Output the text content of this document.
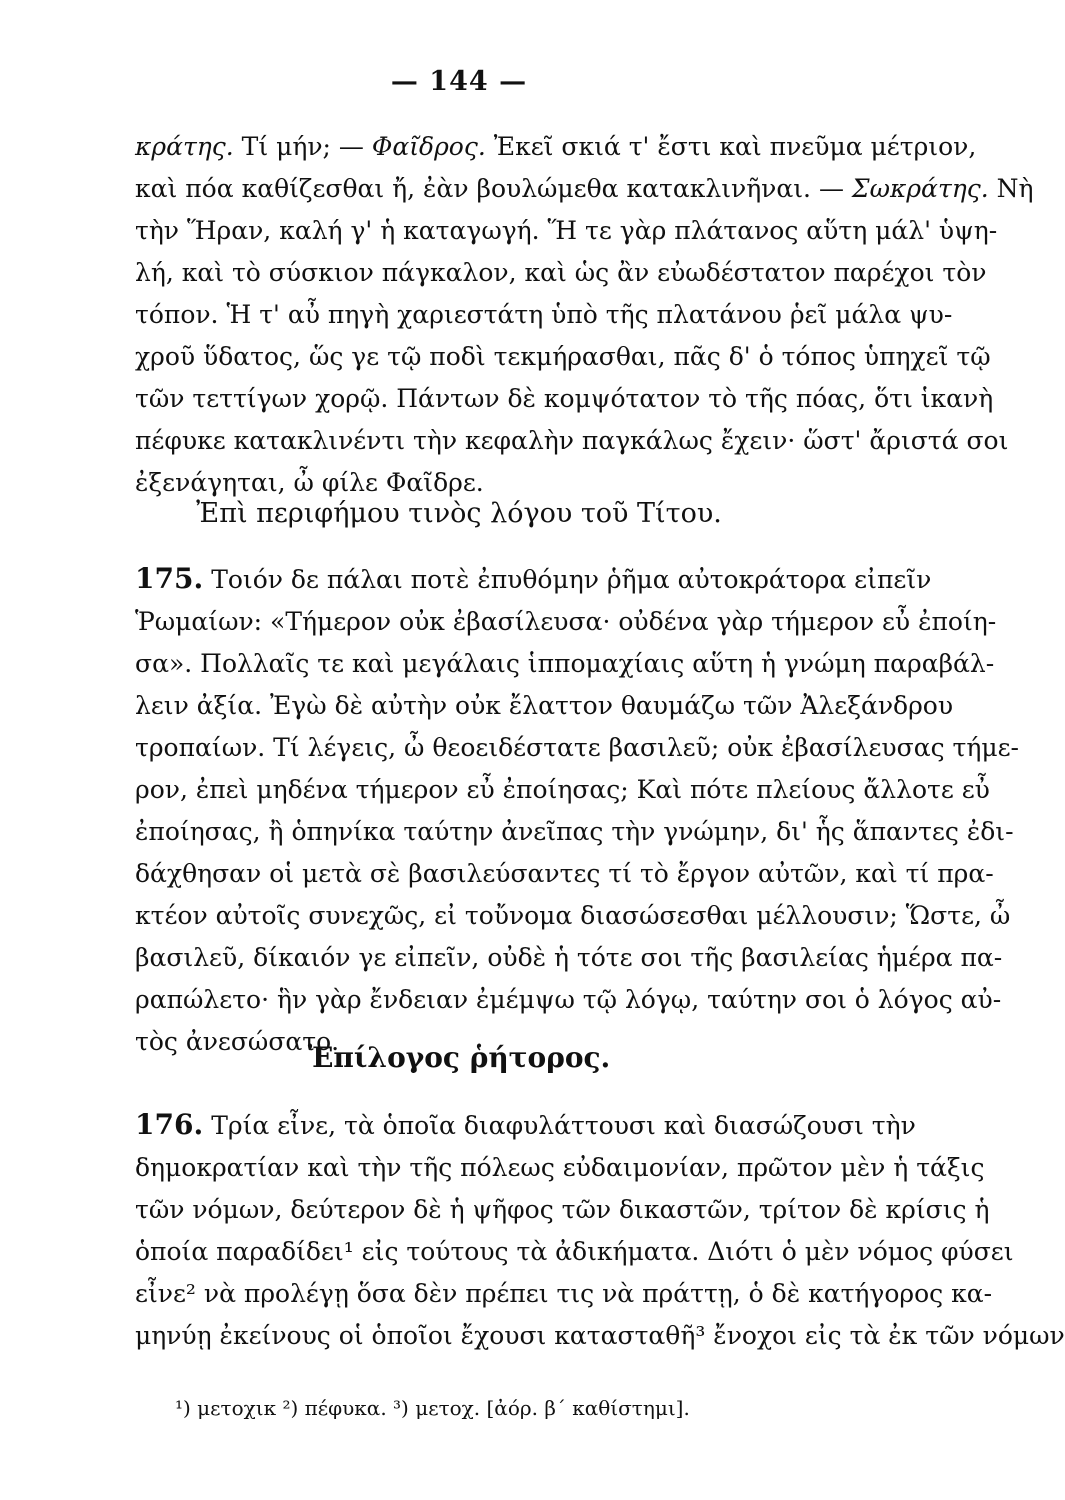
— 144 —
κράτης. Τί μήν; — Φαῖδρος. Ἐκεῖ σκιά τ' ἔστι καὶ πνεῦμα μέτριον,
καὶ πόα καθίζεσθαι ἤ, ἐὰν βουλώμεθα κατακλινῆναι. — Σωκράτης. Νὴ
τὴν Ἥραν, καλή γ' ἡ καταγωγή. Ἥ τε γὰρ πλάτανος αὕτη μάλ' ὑψη-
λή, καὶ τὸ σύσκιον πάγκαλον, καὶ ὡς ἂν εὐωδέστατον παρέχοι τὸν
τόπον. Ἡ τ' αὖ πηγὴ χαριεστάτη ὑπὸ τῆς πλατάνου ῥεῖ μάλα ψυ-
χροῦ ὕδατος, ὥς γε τῷ ποδὶ τεκμήρασθαι, πᾶς δ' ὁ τόπος ὑπηχεῖ τῷ
τῶν τεττίγων χορῷ. Πάντων δὲ κομψότατον τὸ τῆς πόας, ὅτι ἱκανὴ
πέφυκε κατακλινέντι τὴν κεφαλὴν παγκάλως ἔχειν· ὥστ' ἄριστά σοι
ἐξενάγηται, ὦ φίλε Φαῖδρε.
Ἐπὶ περιφήμου τινὸς λόγου τοῦ Τίτου.
175. Τοιόν δε πάλαι ποτὲ ἐπυθόμην ῥῆμα αὐτοκράτορα εἰπεῖν
Ῥωμαίων: «Τήμερον οὐκ ἐβασίλευσα· οὐδένα γὰρ τήμερον εὖ ἐποίη-
σα». Πολλαῖς τε καὶ μεγάλαις ἱππομαχίαις αὕτη ἡ γνώμη παραβάλ-
λειν ἀξία. Ἐγὼ δὲ αὐτὴν οὐκ ἔλαττον θαυμάζω τῶν Ἀλεξάνδρου
τροπαίων. Τί λέγεις, ὦ θεοειδέστατε βασιλεῦ; οὐκ ἐβασίλευσας τήμε-
ρον, ἐπεὶ μηδένα τήμερον εὖ ἐποίησας; Καὶ πότε πλείους ἄλλοτε εὖ
ἐποίησας, ἢ ὁπηνίκα ταύτην ἀνεῖπας τὴν γνώμην, δι' ἧς ἅπαντες ἐδι-
δάχθησαν οἱ μετὰ σὲ βασιλεύσαντες τί τὸ ἔργον αὐτῶν, καὶ τί πρα-
κτέον αὐτοῖς συνεχῶς, εἰ τοὔνομα διασώσεσθαι μέλλουσιν; Ὥστε, ὦ
βασιλεῦ, δίκαιόν γε εἰπεῖν, οὐδὲ ἡ τότε σοι τῆς βασιλείας ἡμέρα πα-
ραπώλετο· ἣν γὰρ ἔνδειαν ἐμέμψω τῷ λόγῳ, ταύτην σοι ὁ λόγος αὐ-
τὸς ἀνεσώσατο.
Ἐπίλογος ῥήτορος.
176. Τρία εἶνε, τὰ ὁποῖα διαφυλάττουσι καὶ διασώζουσι τὴν
δημοκρατίαν καὶ τὴν τῆς πόλεως εὐδαιμονίαν, πρῶτον μὲν ἡ τάξις
τῶν νόμων, δεύτερον δὲ ἡ ψῆφος τῶν δικαστῶν, τρίτον δὲ κρίσις ἡ
ὁποία παραδίδει¹ εἰς τούτους τὰ ἀδικήματα. Διότι ὁ μὲν νόμος φύσει
εἶνε² νὰ προλέγῃ ὅσα δὲν πρέπει τις νὰ πράττῃ, ὁ δὲ κατήγορος κα-
μηνύῃ ἐκείνους οἱ ὁποῖοι ἔχουσι κατασταθῆ³ ἔνοχοι εἰς τὰ ἐκ τῶν νόμων
¹) μετοχικ ²) πέφυκα. ³) μετοχ. [ἀόρ. β΄ καθίστημι].
